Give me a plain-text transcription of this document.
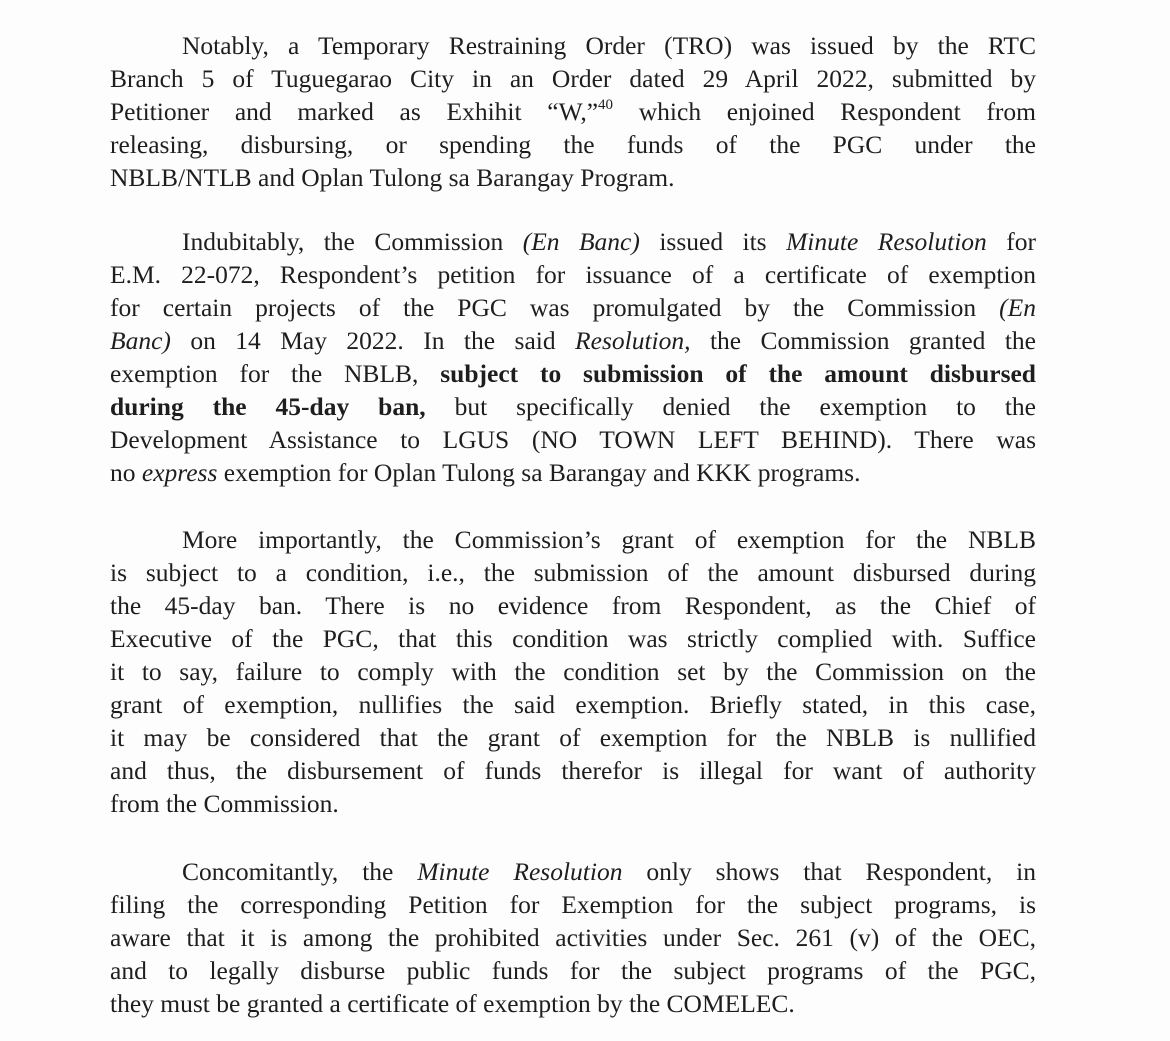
Notably, a Temporary Restraining Order (TRO) was issued by the RTC
Branch 5 of Tuguegarao City in an Order dated 29 April 2022, submitted by
Petitioner and marked as Exhihit “W,”$^{40}$ which enjoined Respondent from
releasing, disbursing, or spending the funds of the PGC under the
NBLB/NTLB and Oplan Tulong sa Barangay Program.
Indubitably, the Commission (En Banc) issued its Minute Resolution for
E.M. 22-072, Respondent’s petition for issuance of a certificate of exemption
for certain projects of the PGC was promulgated by the Commission (En
Banc) on 14 May 2022. In the said Resolution, the Commission granted the
exemption for the NBLB, subject to submission of the amount disbursed
during the 45-day ban, but specifically denied the exemption to the
Development Assistance to LGUS (NO TOWN LEFT BEHIND). There was
no express exemption for Oplan Tulong sa Barangay and KKK programs.
More importantly, the Commission’s grant of exemption for the NBLB
is subject to a condition, i.e., the submission of the amount disbursed during
the 45-day ban. There is no evidence from Respondent, as the Chief of
Executive of the PGC, that this condition was strictly complied with. Suffice
it to say, failure to comply with the condition set by the Commission on the
grant of exemption, nullifies the said exemption. Briefly stated, in this case,
it may be considered that the grant of exemption for the NBLB is nullified
and thus, the disbursement of funds therefor is illegal for want of authority
from the Commission.
Concomitantly, the Minute Resolution only shows that Respondent, in
filing the corresponding Petition for Exemption for the subject programs, is
aware that it is among the prohibited activities under Sec. 261 (v) of the OEC,
and to legally disburse public funds for the subject programs of the PGC,
they must be granted a certificate of exemption by the COMELEC.
